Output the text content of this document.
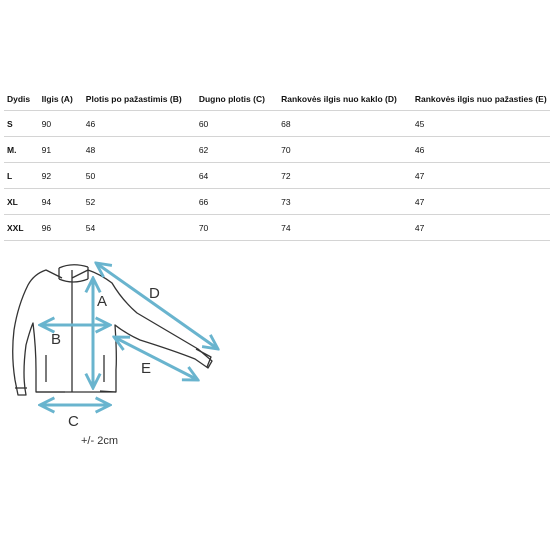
Dydis	Ilgis (A)	Plotis po pažastimis (B)	Dugno plotis (C)	Rankovės ilgis nuo kaklo (D)	Rankovės ilgis nuo pažasties (E)
S	90	46	60	68	45
M.	91	48	62	70	46
L	92	50	64	72	47
XL	94	52	66	73	47
XXL	96	54	70	74	47
A
B
C
D
E
+/- 2cm
